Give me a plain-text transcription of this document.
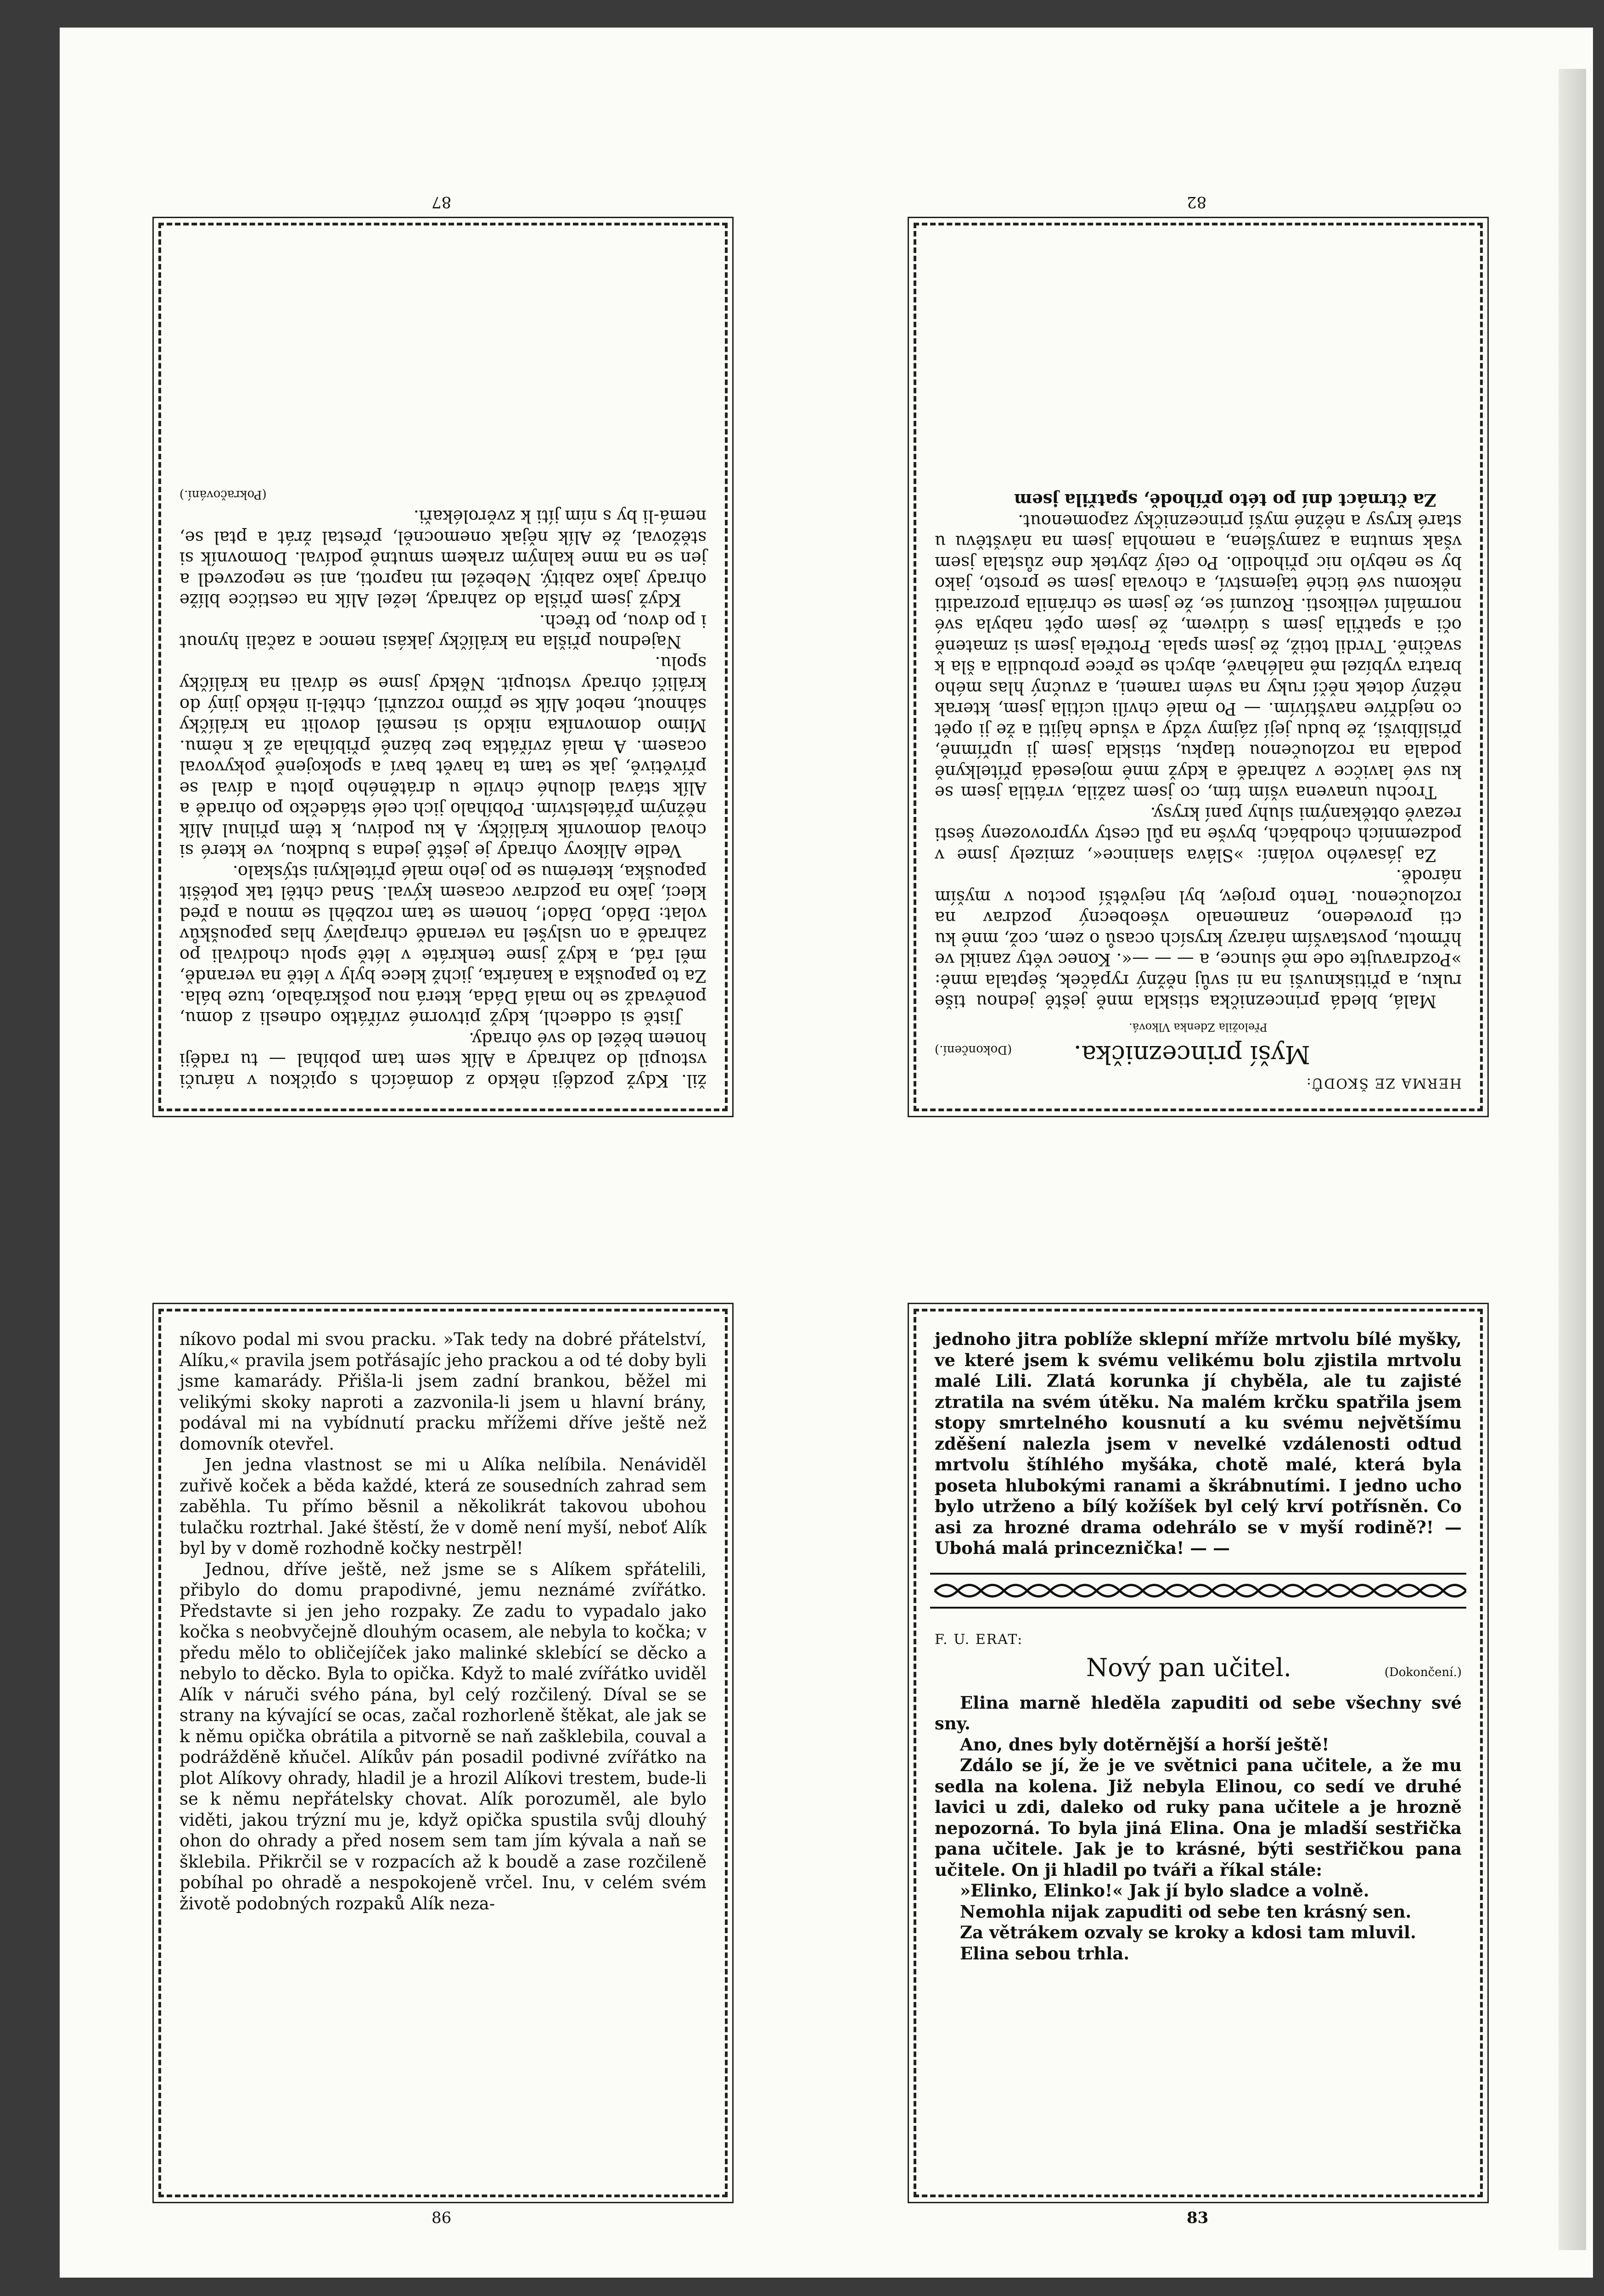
žil. Když později někdo z domácích s opičkou v náruči vstoupil do zahrady a Alík sem tam pobíhal — tu raději honem běžel do své ohrady.

Jistě si oddechl, když pitvorné zvířátko odnesli z domu, poněvadž se ho malá Dáda, která nou poškrábalo, tuze bála. Za to papouška a kanárka, jichž klece byly v létě na verandě, měl rád, a když jsme tenkráte v létě spolu chodívali po zahradě a on uslyšel na verandě chraplavý hlas papouškův volat: Dádo, Dádo!, honem se tam rozběhl se mnou a před klecí, jako na pozdrav ocasem kýval. Snad chtěl tak potěšit papouška, kterému se po jeho malé přítelkyni stýskalo.

Vedle Alíkovy ohrady je ještě jedna s budkou, ve které si choval domovník králíčky. A ku podivu, k těm přilnul Alík něžným přátelstvím. Pobíhalo jich celé stádečko po ohradě a Alík stával dlouhé chvíle u drátěného plotu a díval se přívětivě, jak se tam ta havět baví a spokojeně pokyvoval ocasem. A malá zvířátka bez bázně přibíhala až k němu. Mimo domovníka nikdo si nesměl dovolit na králíčky sáhnout, neboť Alík se přímo rozzuřil, chtěl-li někdo jiný do králičí ohrady vstoupit. Někdy jsme se dívali na králíčky spolu.

Najednou přišla na králíčky jakási nemoc a začali hynout i po dvou, po třech.

Když jsem přišla do zahrady, ležel Alík na cestičce blíže ohrady jako zabitý. Nebežel mi naproti, ani se nepozvedl a jen se na mne kalným zrakem smutně podíval. Domovník si stěžoval, že Alík nějak onemocněl, přestal žrát a ptal se, nemá-li by s ním jíti k zvěrolékaři.

(Pokračování.)
87
HERMA ZE ŠKODŮ:
Myší princeznička.
(Dokončení.)
Přeložila Zdenka Vlková.

Malá, bledá princeznička stiskla mně ještě jednou tiše ruku, a přitisknuvši na ni svůj něžný rypáček, šeptala mně: »Pozdravujte ode mě slunce, a — — —«. Konec věty zanikl ve hřmotu, povstavším nárazy krysích ocasů o zem, což, mně ku cti provedeno, znamenalo všeobecný pozdrav na rozloučenou. Tento projev, byl největší poctou v myším národě.

Za jásavého volání: »Sláva slanince«, zmizely jsme v podzemních chodbách, byvše na půl cesty vyprovozeny šesti rezavě obtěkanými sluhy paní krysy.

Trochu unavena vším tím, co jsem zažila, vrátila jsem se ku své lavičce v zahradě a když mně mojesedá přítelkyně podala na rozloučenou tlapku, stiskla jsem ji upřímně, přislíbivši, že budu její zájmy vždy a všude hájiti a že ji opět co nejdříve navštívím. — Po malé chvíli ucítila jsem, kterak něžný dotek něčí ruky na svém rameni, a zvučný hlas mého bratra vybízel mě naléhavě, abych se přece probudila a šla k svačině. Tvrdil totiž, že jsem spala. Protřela jsem si zmateně oči a spatřila jsem s údivem, že jsem opět nabyla své normální velikosti. Rozumí se, že jsem se chránila prozraditi někomu své tiché tajemství, a chovala jsem se prosto, jako by se nebylo nic přihodilo. Po celý zbytek dne zůstala jsem však smutna a zamyšlena, a nemohla jsem na návštěvu u staré krysy a něžné myší princezničky zapomenout.

Za čtrnáct dní po této příhodě, spatřila jsem

82

níkovo podal mi svou pracku. »Tak tedy na dobré přátelství, Alíku,« pravila jsem potřásajíc jeho prackou a od té doby byli jsme kamarády. Přišla-li jsem zadní brankou, běžel mi velikými skoky naproti a zazvonila-li jsem u hlavní brány, podával mi na vybídnutí pracku mřížemi dříve ještě než domovník otevřel.

Jen jedna vlastnost se mi u Alíka nelíbila. Nenáviděl zuřivě koček a běda každé, která ze sousedních zahrad sem zaběhla. Tu přímo běsnil a několikrát takovou ubohou tulačku roztrhal. Jaké štěstí, že v domě není myší, neboť Alík byl by v domě rozhodně kočky nestrpěl!

Jednou, dříve ještě, než jsme se s Alíkem spřátelili, přibylo do domu prapodivné, jemu neznámé zvířátko. Představte si jen jeho rozpaky. Ze zadu to vypadalo jako kočka s neobvyčejně dlouhým ocasem, ale nebyla to kočka; v předu mělo to obličejíček jako malinké sklebící se děcko a nebylo to děcko. Byla to opička. Když to malé zvířátko uviděl Alík v náruči svého pána, byl celý rozčilený. Díval se se strany na kývající se ocas, začal rozhorleně štěkat, ale jak se k němu opička obrátila a pitvorně se naň zašklebila, couval a podrážděně kňučel. Alíkův pán posadil podivné zvířátko na plot Alíkovy ohrady, hladil je a hrozil Alíkovi trestem, bude-li se k němu nepřátelsky chovat. Alík porozuměl, ale bylo viděti, jakou trýzní mu je, když opička spustila svůj dlouhý ohon do ohrady a před nosem sem tam jím kývala a naň se šklebila. Přikrčil se v rozpacích až k boudě a zase rozčileně pobíhal po ohradě a nespokojeně vrčel. Inu, v celém svém životě podobných rozpaků Alík neza-

86

jednoho jitra poblíže sklepní mříže mrtvolu bílé myšky, ve které jsem k svému velikému bolu zjistila mrtvolu malé Lili. Zlatá korunka jí chyběla, ale tu zajisté ztratila na svém útěku. Na malém krčku spatřila jsem stopy smrtelného kousnutí a ku svému největšímu zděšení nalezla jsem v nevelké vzdálenosti odtud mrtvolu štíhlého myšáka, chotě malé, která byla poseta hlubokými ranami a škrábnutími. I jedno ucho bylo utrženo a bílý kožíšek byl celý krví potřísněn. Co asi za hrozné drama odehrálo se v myší rodině?! — Ubohá malá princeznička! — —

F. U. ERAT:
Nový pan učitel.	(Dokončení.)

Elina marně hleděla zapuditi od sebe všechny své sny.

Ano, dnes byly dotěrnější a horší ještě!

Zdálo se jí, že je ve světnici pana učitele, a že mu sedla na kolena. Již nebyla Elinou, co sedí ve druhé lavici u zdi, daleko od ruky pana učitele a je hrozně nepozorná. To byla jiná Elina. Ona je mladší sestřička pana učitele. Jak je to krásné, býti sestřičkou pana učitele. On ji hladil po tváři a říkal stále:

»Elinko, Elinko!« Jak jí bylo sladce a volně.

Nemohla nijak zapuditi od sebe ten krásný sen.

Za větrákem ozvaly se kroky a kdosi tam mluvil.

Elina sebou trhla.

83
